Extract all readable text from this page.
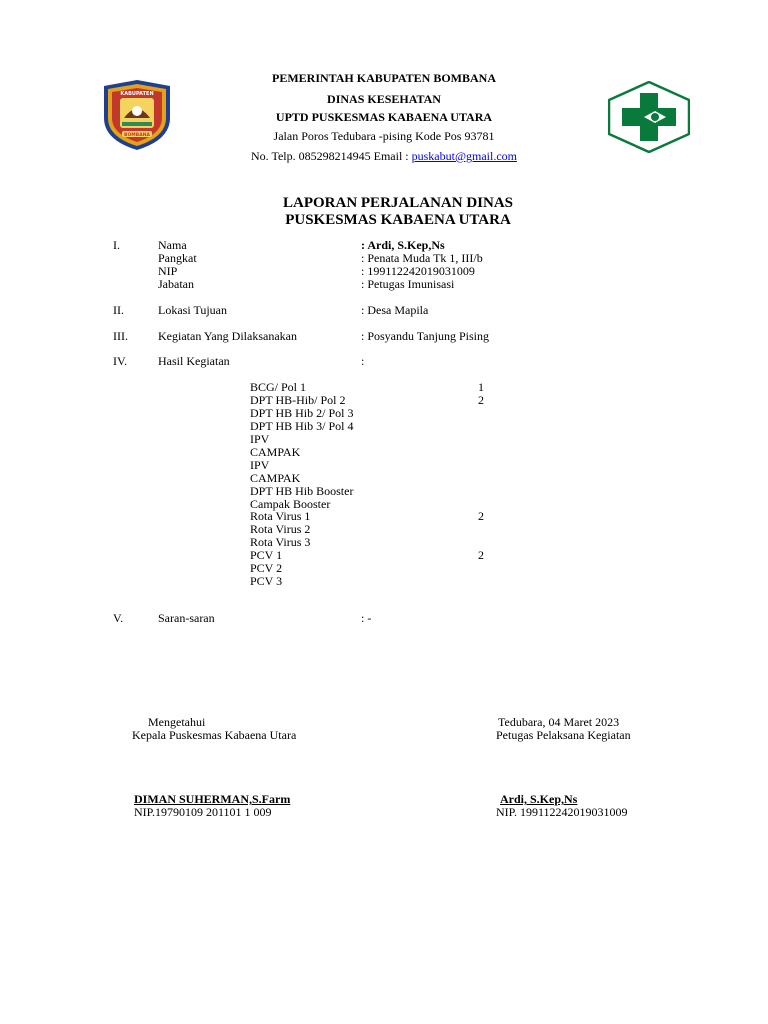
KABUPATEN
BOMBANA
PEMERINTAH KABUPATEN BOMBANA
DINAS KESEHATAN
UPTD PUSKESMAS KABAENA UTARA
Jalan Poros Tedubara -pising Kode Pos 93781
No. Telp. 085298214945 Email : puskabut@gmail.com
LAPORAN PERJALANAN DINAS
PUSKESMAS KABAENA UTARA
I.	Nama	: Ardi, S.Kep,Ns
Pangkat	: Penata Muda Tk 1, III/b
NIP	: 199112242019031009
Jabatan	: Petugas Imunisasi
II.	Lokasi Tujuan	: Desa Mapila
III.	Kegiatan Yang Dilaksanakan	: Posyandu Tanjung Pising
IV.	Hasil Kegiatan	:
BCG/ Pol 1	1
DPT HB-Hib/ Pol 2	2
DPT HB Hib 2/ Pol 3
DPT HB Hib 3/ Pol 4
IPV
CAMPAK
IPV
CAMPAK
DPT HB Hib Booster
Campak Booster
Rota Virus 1	2
Rota Virus 2
Rota Virus 3
PCV 1	2
PCV 2
PCV 3
V.	Saran-saran	: -
Mengetahui
Kepala Puskesmas Kabaena Utara
DIMAN SUHERMAN,S.Farm
NIP.19790109 201101 1 009
Tedubara, 04 Maret 2023
Petugas Pelaksana Kegiatan
Ardi, S.Kep,Ns
NIP. 199112242019031009
